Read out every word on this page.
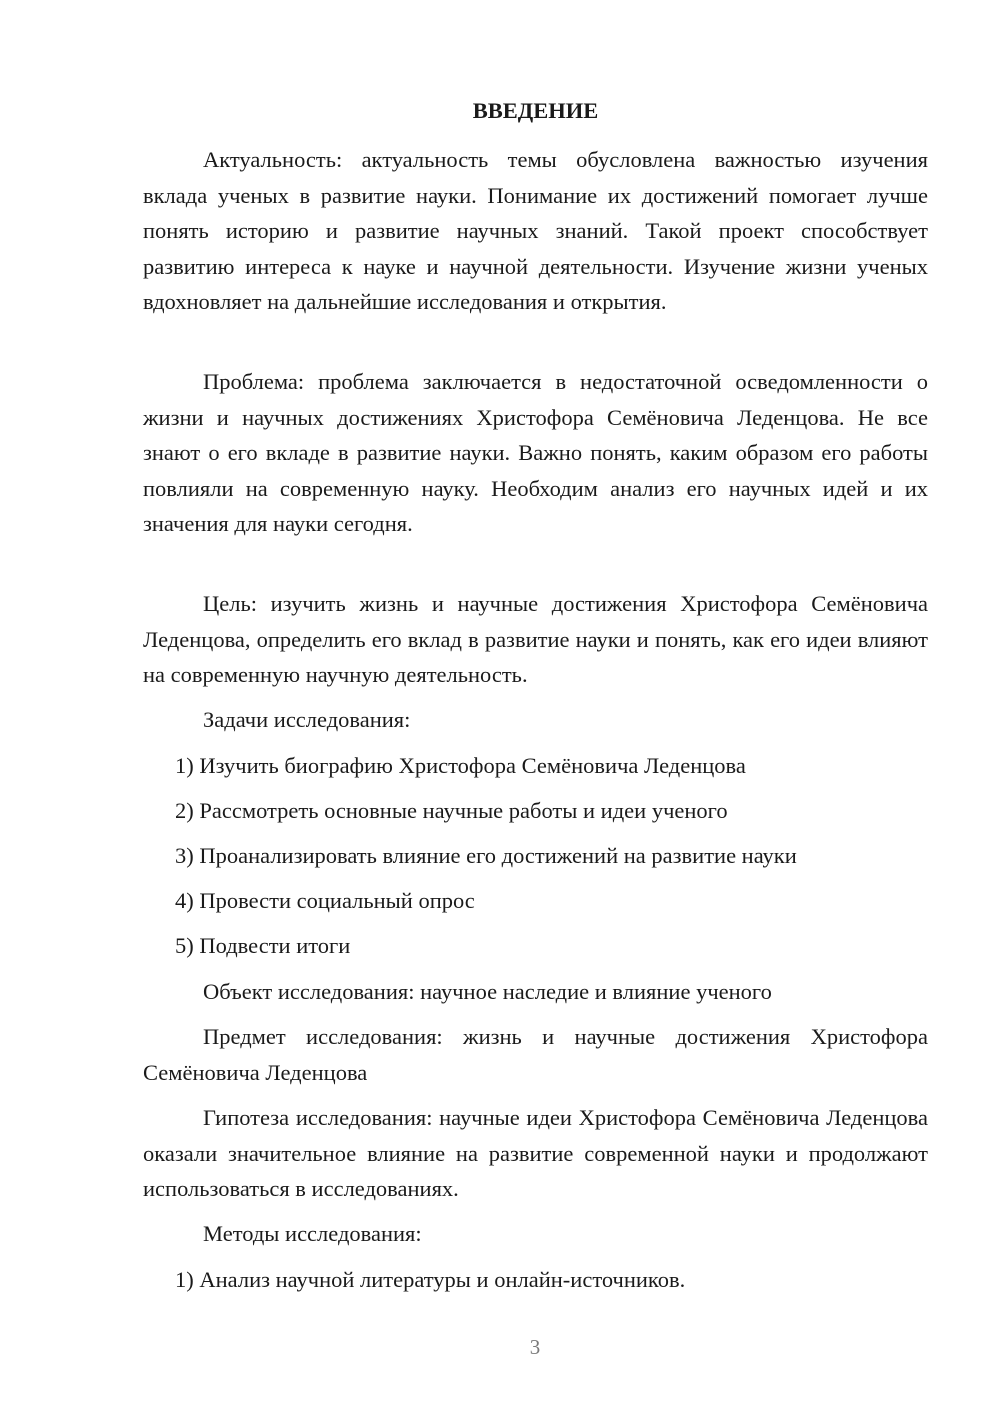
ВВЕДЕНИЕ

Актуальность: актуальность темы обусловлена важностью изучения вклада ученых в развитие науки. Понимание их достижений помогает лучше понять историю и развитие научных знаний. Такой проект способствует развитию интереса к науке и научной деятельности. Изучение жизни ученых вдохновляет на дальнейшие исследования и открытия.

Проблема: проблема заключается в недостаточной осведомленности о жизни и научных достижениях Христофора Семёновича Леденцова. Не все знают о его вкладе в развитие науки. Важно понять, каким образом его работы повлияли на современную науку. Необходим анализ его научных идей и их значения для науки сегодня.

Цель: изучить жизнь и научные достижения Христофора Семёновича Леденцова, определить его вклад в развитие науки и понять, как его идеи влияют на современную научную деятельность.

Задачи исследования:

1) Изучить биографию Христофора Семёновича Леденцова

2) Рассмотреть основные научные работы и идеи ученого

3) Проанализировать влияние его достижений на развитие науки

4) Провести социальный опрос

5) Подвести итоги

Объект исследования: научное наследие и влияние ученого

Предмет исследования: жизнь и научные достижения Христофора Семёновича Леденцова

Гипотеза исследования: научные идеи Христофора Семёновича Леденцова оказали значительное влияние на развитие современной науки и продолжают использоваться в исследованиях.

Методы исследования:

1) Анализ научной литературы и онлайн-источников.

3
